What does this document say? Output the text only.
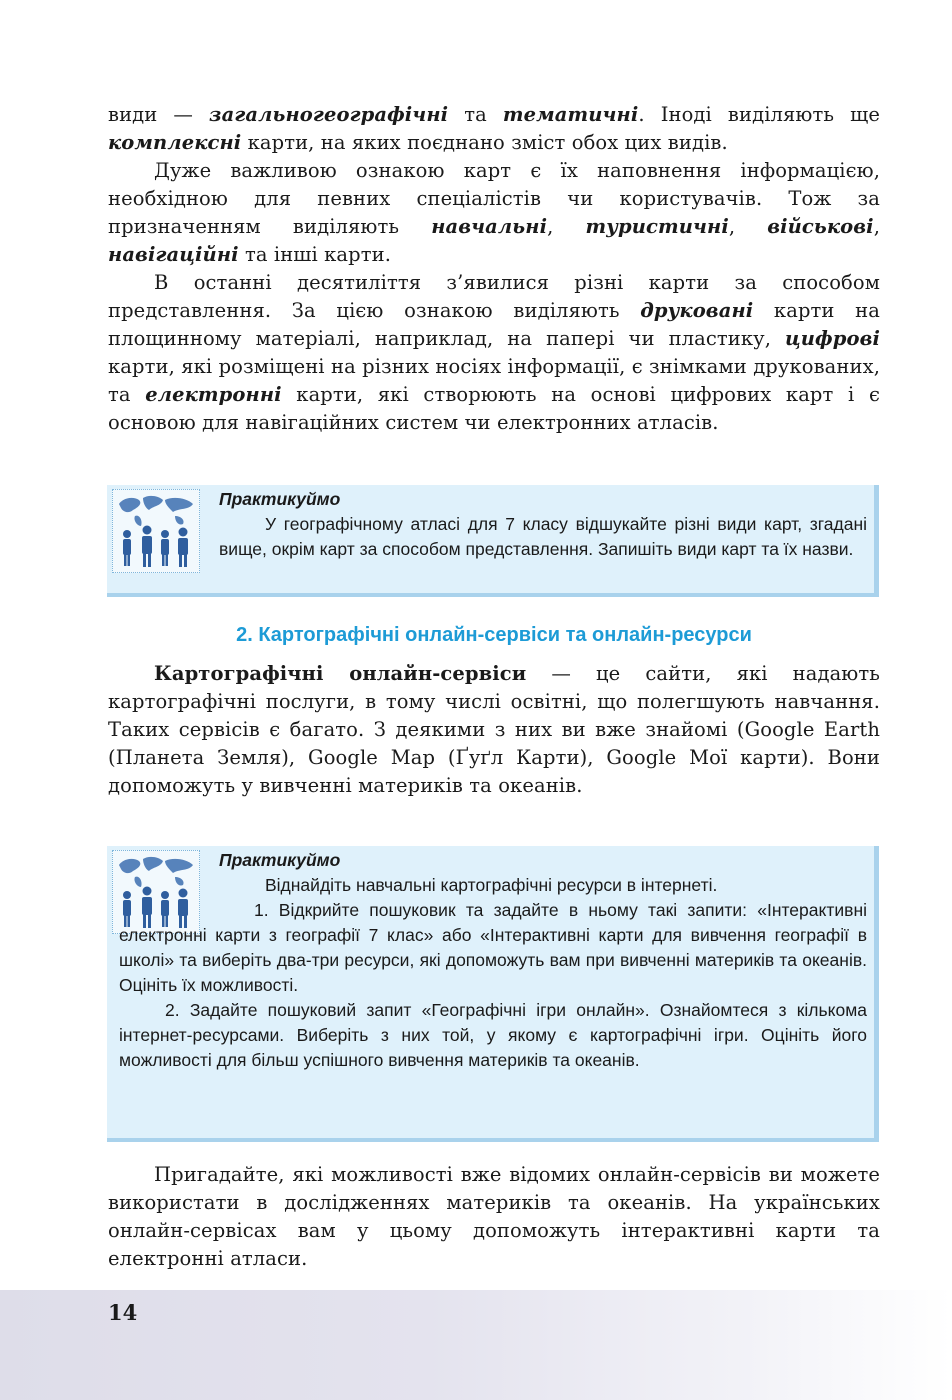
види — загальногеографічні та тематичні. Іноді виділяють ще комплексні карти, на яких поєднано зміст обох цих видів.

Дуже важливою ознакою карт є їх наповнення інформацією, необхідною для певних спеціалістів чи користувачів. Тож за призначенням виділяють навчальні, туристичні, військові, навігаційні та інші карти.

В останні десятиліття з’явилися різні карти за способом представлення. За цією ознакою виділяють друковані карти на площинному матеріалі, наприклад, на папері чи пластику, цифрові карти, які розміщені на різних носіях інформації, є знімками друкованих, та електронні карти, які створюють на основі цифрових карт і є основою для навігаційних систем чи електронних атласів.

Практикуймо
У географічному атласі для 7 класу відшукайте різні види карт, згадані вище, окрім карт за способом представлення. Запишіть види карт та їх назви.
2. Картографічні онлайн-сервіси та онлайн-ресурси

Картографічні онлайн-сервіси — це сайти, які надають картографічні послуги, в тому числі освітні, що полегшують навчання. Таких сервісів є багато. З деякими з них ви вже знайомі (Google Earth (Планета Земля), Google Map (Ґуґл Карти), Google Мої карти). Вони допоможуть у вивченні материків та океанів.

Практикуймо
Віднайдіть навчальні картографічні ресурси в інтернеті.
1. Відкрийте пошуковик та задайте в ньому такі запити: «Інтерактивні електронні карти з географії 7 клас» або «Інтерактивні карти для вивчення географії в школі» та виберіть два-три ресурси, які допоможуть вам при вивченні материків та океанів. Оцініть їх можливості.
2. Задайте пошуковий запит «Географічні ігри онлайн». Ознайомтеся з кількома інтернет-ресурсами. Виберіть з них той, у якому є картографічні ігри. Оцініть його можливості для більш успішного вивчення материків та океанів.

Пригадайте, які можливості вже відомих онлайн-сервісів ви можете використати в дослідженнях материків та океанів. На українських онлайн-сервісах вам у цьому допоможуть інтерактивні карти та електронні атласи.

14
